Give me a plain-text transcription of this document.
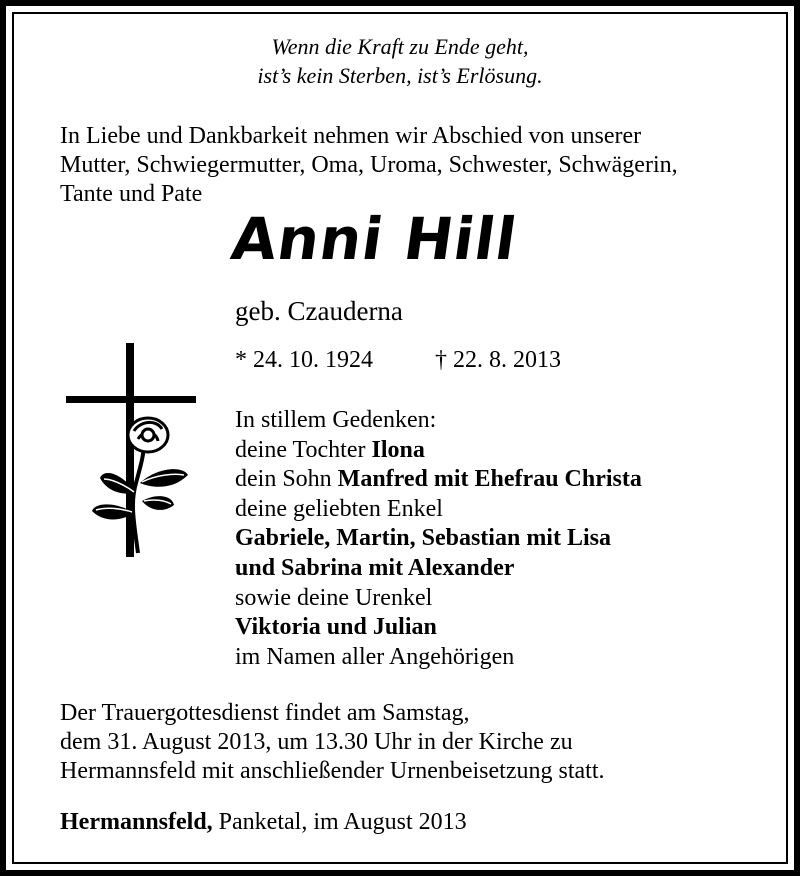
Wenn die Kraft zu Ende geht,
ist’s kein Sterben, ist’s Erlösung.
In Liebe und Dankbarkeit nehmen wir Abschied von unserer
Mutter, Schwiegermutter, Oma, Uroma, Schwester, Schwägerin,
Tante und Pate
Anni Hill
geb. Czauderna
* 24. 10. 1924	† 22. 8. 2013
In stillem Gedenken:
deine Tochter Ilona
dein Sohn Manfred mit Ehefrau Christa
deine geliebten Enkel
Gabriele, Martin, Sebastian mit Lisa
und Sabrina mit Alexander
sowie deine Urenkel
Viktoria und Julian
im Namen aller Angehörigen
Der Trauergottesdienst findet am Samstag,
dem 31. August 2013, um 13.30 Uhr in der Kirche zu
Hermannsfeld mit anschließender Urnenbeisetzung statt.
Hermannsfeld, Panketal, im August 2013
